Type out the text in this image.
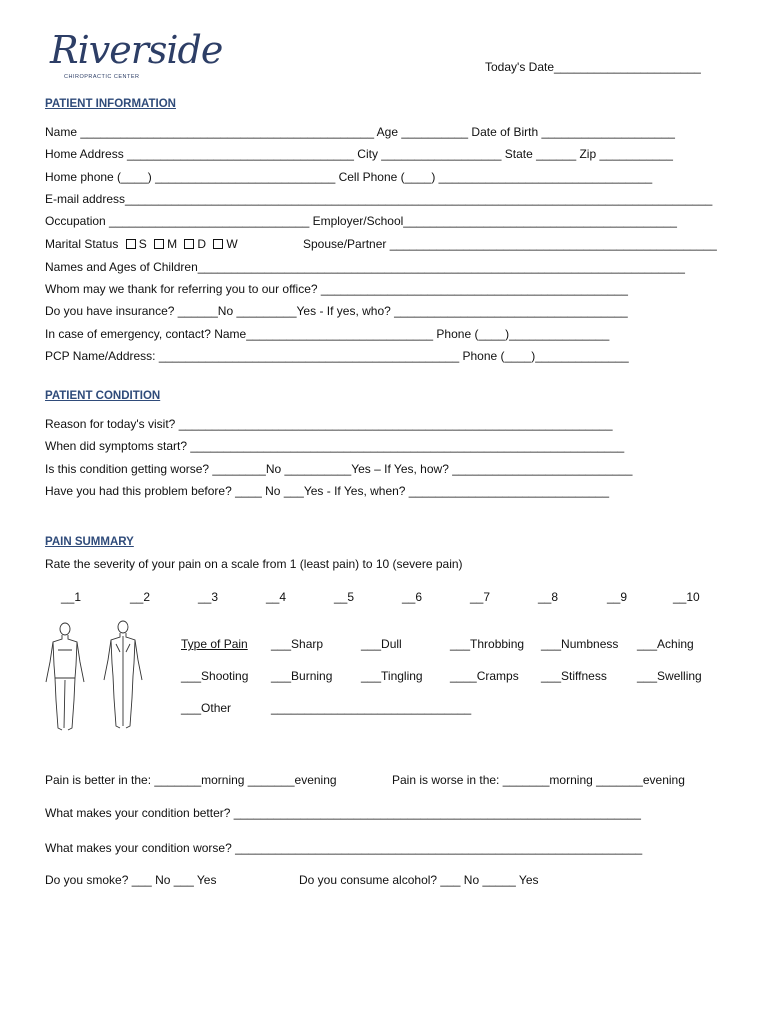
Riverside
CHIROPRACTIC CENTER
Today's Date______________________
PATIENT INFORMATION
Name ____________________________________________ Age __________ Date of Birth ____________________
Home Address __________________________________ City __________________ State ______ Zip ___________
Home phone (____) ___________________________ Cell Phone (____) ________________________________
E-mail address________________________________________________________________________________________
Occupation ______________________________ Employer/School_________________________________________
Marital Status S M D W	Spouse/Partner _________________________________________________
Names and Ages of Children_________________________________________________________________________
Whom may we thank for referring you to our office? ______________________________________________
Do you have insurance? ______No _________Yes - If yes, who? ___________________________________
In case of emergency, contact? Name____________________________ Phone (____)_______________
PCP Name/Address: _____________________________________________ Phone (____)______________
PATIENT CONDITION
Reason for today's visit? _________________________________________________________________
When did symptoms start? _________________________________________________________________
Is this condition getting worse? ________No __________Yes – If Yes, how? ___________________________
Have you had this problem before? ____ No ___Yes - If Yes, when? ______________________________
PAIN SUMMARY
Rate the severity of your pain on a scale from 1 (least pain) to 10 (severe pain)
__1	__2	__3	__4	__5	__6	__7	__8	__9	__10
Type of Pain ___Sharp	___Dull	___Throbbing ___Numbness ___Aching
___Shooting ___Burning ___Tingling ____Cramps ___Stiffness	___Swelling
___Other	______________________________
Pain is better in the: _______morning _______evening	Pain is worse in the: _______morning _______evening
What makes your condition better? _____________________________________________________________
What makes your condition worse? _____________________________________________________________
Do you smoke? ___ No ___ Yes	Do you consume alcohol? ___ No _____ Yes
